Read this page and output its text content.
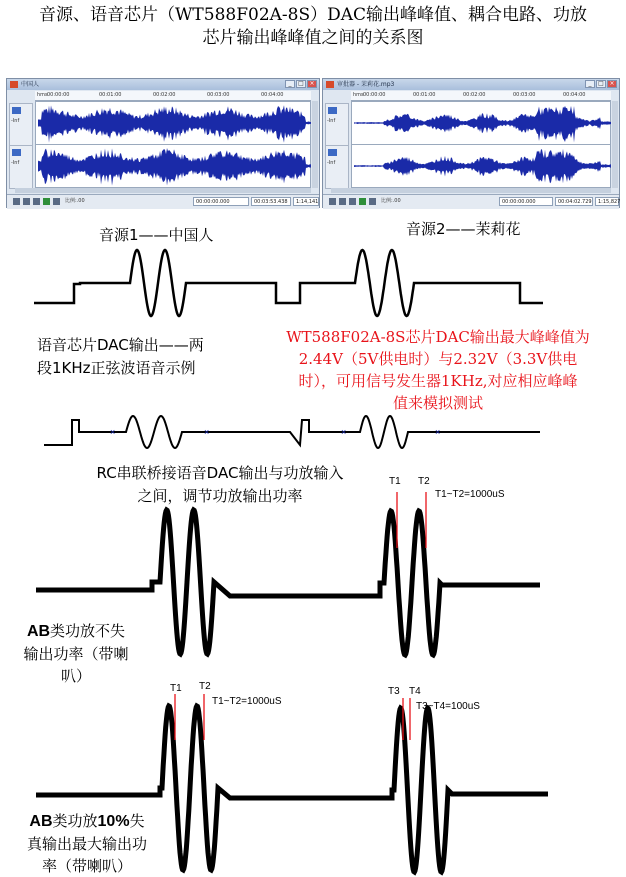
音源、语音芯片（WT588F02A-8S）DAC输出峰峰值、耦合电路、功放
芯片输出峰峰值之间的关系图
中国人	_	□ ×
hms 00:00:00	00:01:00	00:02:00	00:03:00	00:04:00
-Inf
-Inf
比例:.00	00:00:00.000	00:03:53.438	1:14,141
审批器 - 茉莉花.mp3	_	□ ×
hms 00:00:00	00:01:00	00:02:00	00:03:00	00:04:00
-Inf
-Inf
比例:.00	00:00:00.000	00:04:02.729	1:15,827
音源1——中国人	音源2——茉莉花
语音芯片DAC输出——两
段1KHz正弦波语音示例
WT588F02A-8S芯片DAC输出最大峰峰值为
2.44V（5V供电时）与2.32V（3.3V供电
时），可用信号发生器1KHz,对应相应峰峰
值来模拟测试
×	×	×	×
RC串联桥接语音DAC输出与功放输入
之间，调节功放输出功率
T1 T2
T1~T2=1000uS
AB类功放不失
输出功率（带喇
叭）
T1 T2
T1~T2=1000uS
T3 T4
T3~T4=100uS
AB类功放10%失
真输出最大输出功
率（带喇叭）
